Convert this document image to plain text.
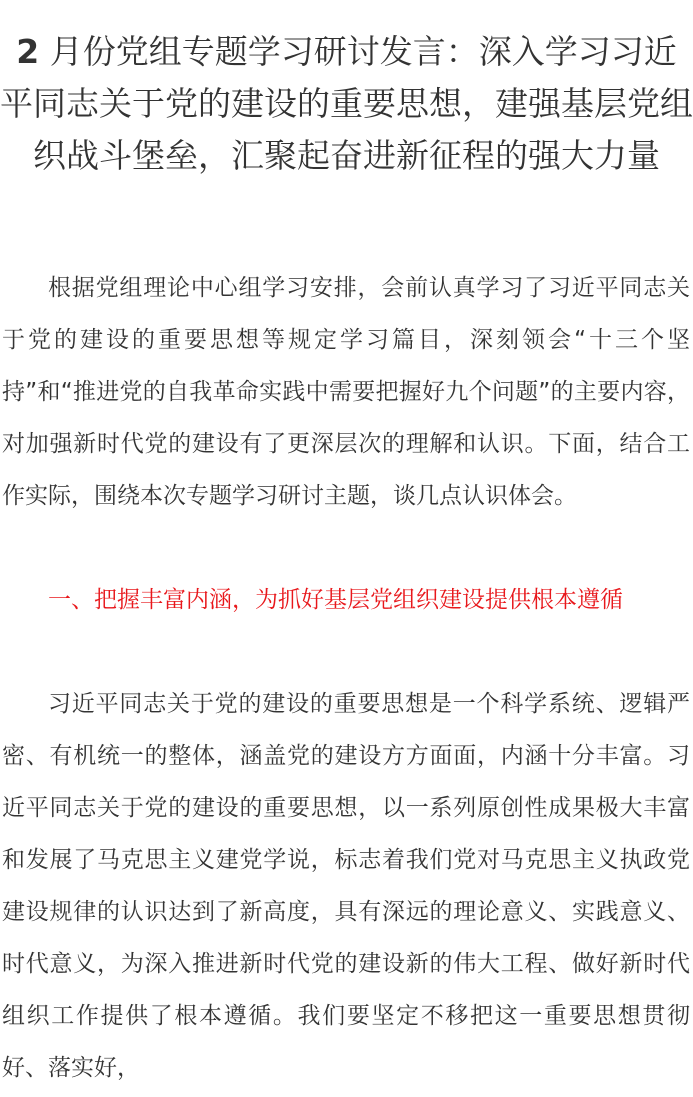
2 月份党组专题学习研讨发言：深入学习习近平同志关于党的建设的重要思想，建强基层党组织战斗堡垒，汇聚起奋进新征程的强大力量

根据党组理论中心组学习安排，会前认真学习了习近平同志关于党的建设的重要思想等规定学习篇目，深刻领会“十三个坚持”和“推进党的自我革命实践中需要把握好九个问题”的主要内容，对加强新时代党的建设有了更深层次的理解和认识。下面，结合工作实际，围绕本次专题学习研讨主题，谈几点认识体会。

一、把握丰富内涵，为抓好基层党组织建设提供根本遵循

习近平同志关于党的建设的重要思想是一个科学系统、逻辑严密、有机统一的整体，涵盖党的建设方方面面，内涵十分丰富。习近平同志关于党的建设的重要思想，以一系列原创性成果极大丰富和发展了马克思主义建党学说，标志着我们党对马克思主义执政党建设规律的认识达到了新高度，具有深远的理论意义、实践意义、时代意义，为深入推进新时代党的建设新的伟大工程、做好新时代组织工作提供了根本遵循。我们要坚定不移把这一重要思想贯彻好、落实好，
